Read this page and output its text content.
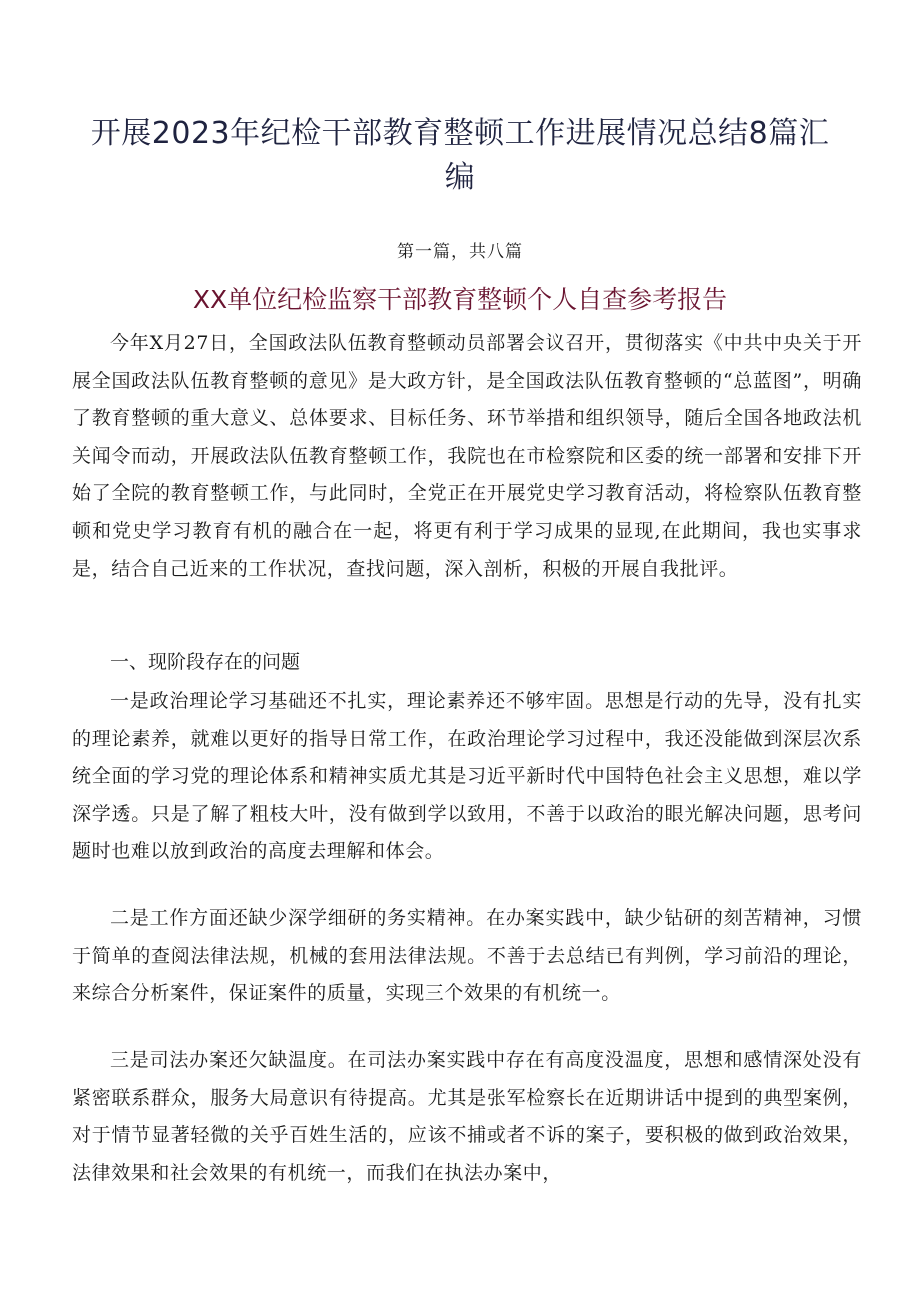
开展2023年纪检干部教育整顿工作进展情况总结8篇汇编
第一篇，共八篇
XX单位纪检监察干部教育整顿个人自查参考报告

今年X月27日，全国政法队伍教育整顿动员部署会议召开，贯彻落实《中共中央关于开展全国政法队伍教育整顿的意见》是大政方针，是全国政法队伍教育整顿的“总蓝图”，明确了教育整顿的重大意义、总体要求、目标任务、环节举措和组织领导，随后全国各地政法机关闻令而动，开展政法队伍教育整顿工作，我院也在市检察院和区委的统一部署和安排下开始了全院的教育整顿工作，与此同时，全党正在开展党史学习教育活动，将检察队伍教育整顿和党史学习教育有机的融合在一起，将更有利于学习成果的显现,在此期间，我也实事求是，结合自己近来的工作状况，查找问题，深入剖析，积极的开展自我批评。

一、现阶段存在的问题

一是政治理论学习基础还不扎实，理论素养还不够牢固。思想是行动的先导，没有扎实的理论素养，就难以更好的指导日常工作，在政治理论学习过程中，我还没能做到深层次系统全面的学习党的理论体系和精神实质尤其是习近平新时代中国特色社会主义思想，难以学深学透。只是了解了粗枝大叶，没有做到学以致用，不善于以政治的眼光解决问题，思考问题时也难以放到政治的高度去理解和体会。

二是工作方面还缺少深学细研的务实精神。在办案实践中，缺少钻研的刻苦精神，习惯于简单的查阅法律法规，机械的套用法律法规。不善于去总结已有判例，学习前沿的理论，来综合分析案件，保证案件的质量，实现三个效果的有机统一。

三是司法办案还欠缺温度。在司法办案实践中存在有高度没温度，思想和感情深处没有紧密联系群众，服务大局意识有待提高。尤其是张军检察长在近期讲话中提到的典型案例，对于情节显著轻微的关乎百姓生活的，应该不捕或者不诉的案子，要积极的做到政治效果，法律效果和社会效果的有机统一，而我们在执法办案中，
